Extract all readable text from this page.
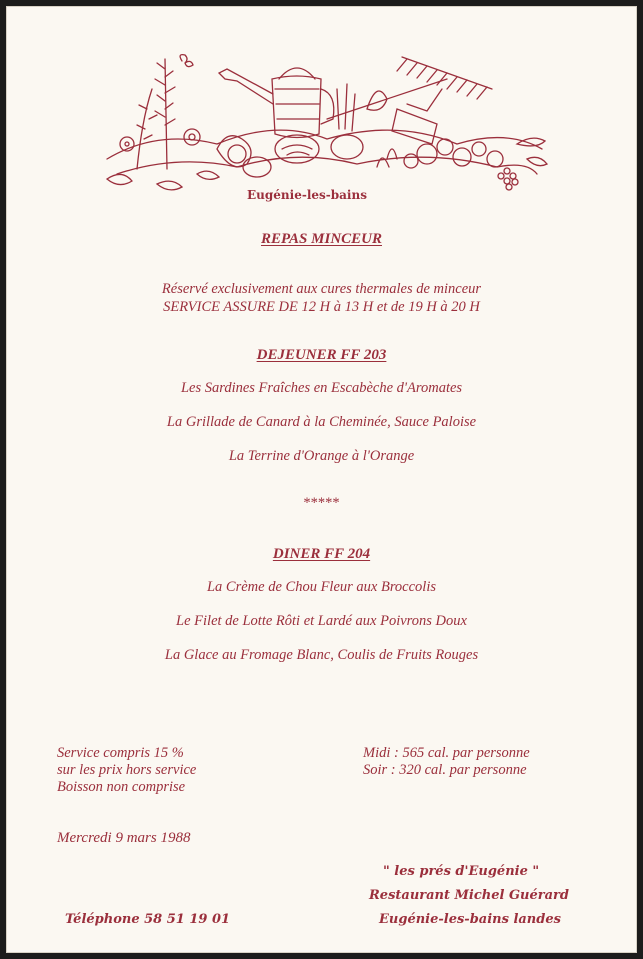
Eugénie-les-bains
REPAS MINCEUR
Réservé exclusivement aux cures thermales de minceur
SERVICE ASSURE DE 12 H à 13 H et de 19 H à 20 H
DEJEUNER FF 203
Les Sardines Fraîches en Escabèche d'Aromates
La Grillade de Canard à la Cheminée, Sauce Paloise
La Terrine d'Orange à l'Orange
*****
DINER FF 204
La Crème de Chou Fleur aux Broccolis
Le Filet de Lotte Rôti et Lardé aux Poivrons Doux
La Glace au Fromage Blanc, Coulis de Fruits Rouges
Service compris 15 %
sur les prix hors service
Boisson non comprise
Midi : 565 cal. par personne
Soir : 320 cal. par personne
Mercredi 9 mars 1988
" les prés d'Eugénie "
Restaurant Michel Guérard
Eugénie-les-bains landes
Téléphone 58 51 19 01
